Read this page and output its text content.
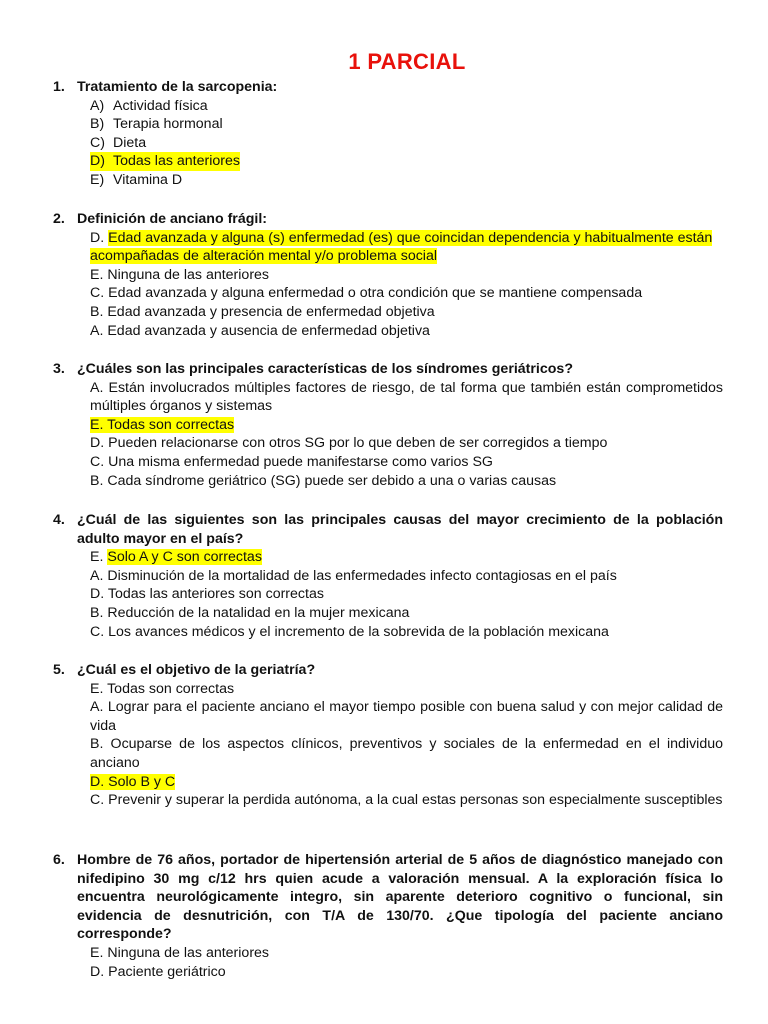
1 PARCIAL
1. Tratamiento de la sarcopenia:
A) Actividad física
B) Terapia hormonal
C) Dieta
D) Todas las anteriores
E) Vitamina D
2. Definición de anciano frágil:
D. Edad avanzada y alguna (s) enfermedad (es) que coincidan dependencia y habitualmente están acompañadas de alteración mental y/o problema social
E. Ninguna de las anteriores
C. Edad avanzada y alguna enfermedad o otra condición que se mantiene compensada
B. Edad avanzada y presencia de enfermedad objetiva
A. Edad avanzada y ausencia de enfermedad objetiva
3. ¿Cuáles son las principales características de los síndromes geriátricos?
A. Están involucrados múltiples factores de riesgo, de tal forma que también están comprometidos múltiples órganos y sistemas
E. Todas son correctas
D. Pueden relacionarse con otros SG por lo que deben de ser corregidos a tiempo
C. Una misma enfermedad puede manifestarse como varios SG
B. Cada síndrome geriátrico (SG) puede ser debido a una o varias causas
4. ¿Cuál de las siguientes son las principales causas del mayor crecimiento de la población adulto mayor en el país?
E. Solo A y C son correctas
A. Disminución de la mortalidad de las enfermedades infecto contagiosas en el país
D. Todas las anteriores son correctas
B. Reducción de la natalidad en la mujer mexicana
C. Los avances médicos y el incremento de la sobrevida de la población mexicana
5. ¿Cuál es el objetivo de la geriatría?
E. Todas son correctas
A. Lograr para el paciente anciano el mayor tiempo posible con buena salud y con mejor calidad de vida
B. Ocuparse de los aspectos clínicos, preventivos y sociales de la enfermedad en el individuo anciano
D. Solo B y C
C. Prevenir y superar la perdida autónoma, a la cual estas personas son especialmente susceptibles
6. Hombre de 76 años, portador de hipertensión arterial de 5 años de diagnóstico manejado con nifedipino 30 mg c/12 hrs quien acude a valoración mensual. A la exploración física lo encuentra neurológicamente integro, sin aparente deterioro cognitivo o funcional, sin evidencia de desnutrición, con T/A de 130/70. ¿Que tipología del paciente anciano corresponde?
E. Ninguna de las anteriores
D. Paciente geriátrico
